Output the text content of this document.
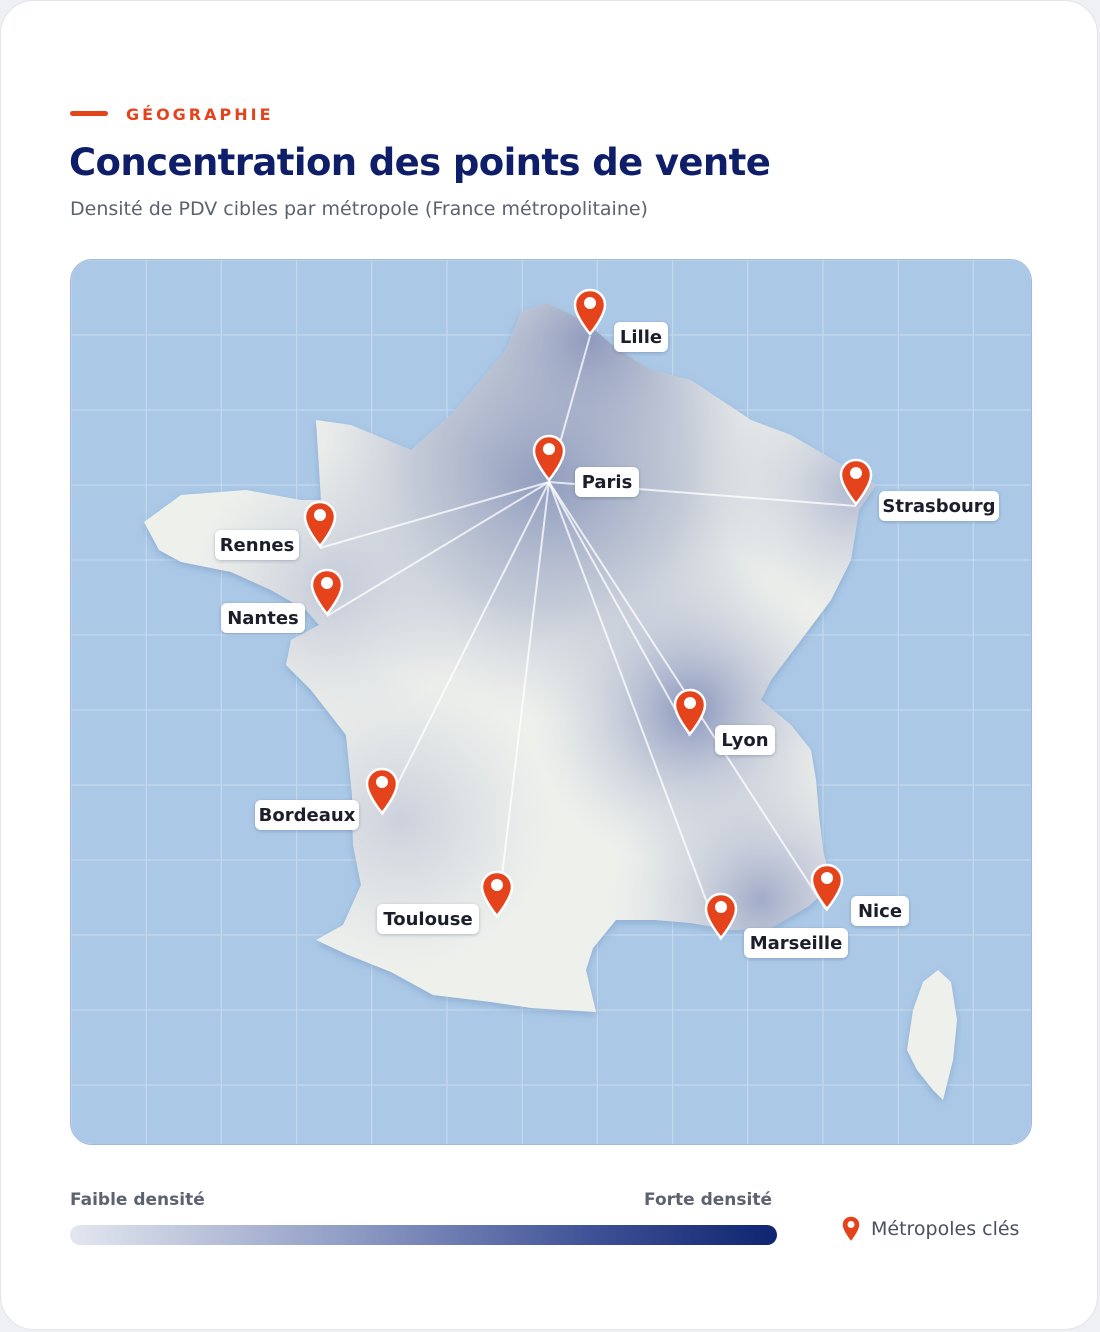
GÉOGRAPHIE

Concentration des points de vente

Densité de PDV cibles par métropole (France métropolitaine)

Lille
Paris
Strasbourg
Rennes
Nantes
Lyon
Bordeaux
Toulouse	Nice
Marseille

Faible densité	Forte densité

Métropoles clés
